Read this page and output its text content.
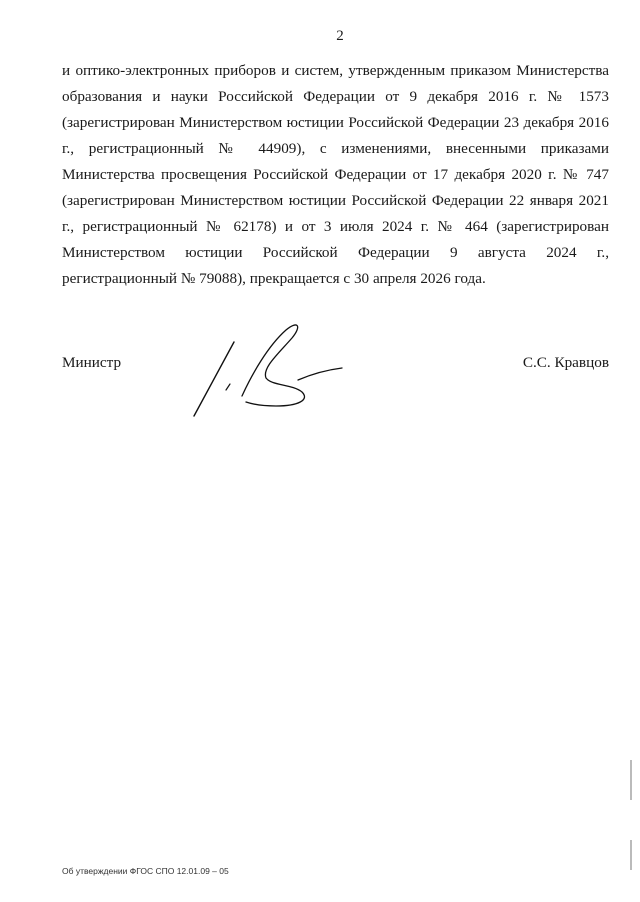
2

и оптико-электронных приборов и систем, утвержденным приказом Министерства образования и науки Российской Федерации от 9 декабря 2016 г. № 1573 (зарегистрирован Министерством юстиции Российской Федерации 23 декабря 2016 г., регистрационный № 44909), с изменениями, внесенными приказами Министерства просвещения Российской Федерации от 17 декабря 2020 г. № 747 (зарегистрирован Министерством юстиции Российской Федерации 22 января 2021 г., регистрационный № 62178) и от 3 июля 2024 г. № 464 (зарегистрирован Министерством юстиции Российской Федерации 9 августа 2024 г., регистрационный № 79088), прекращается с 30 апреля 2026 года.

Министр	С.С. Кравцов
Об утверждении ФГОС СПО 12.01.09 – 05
